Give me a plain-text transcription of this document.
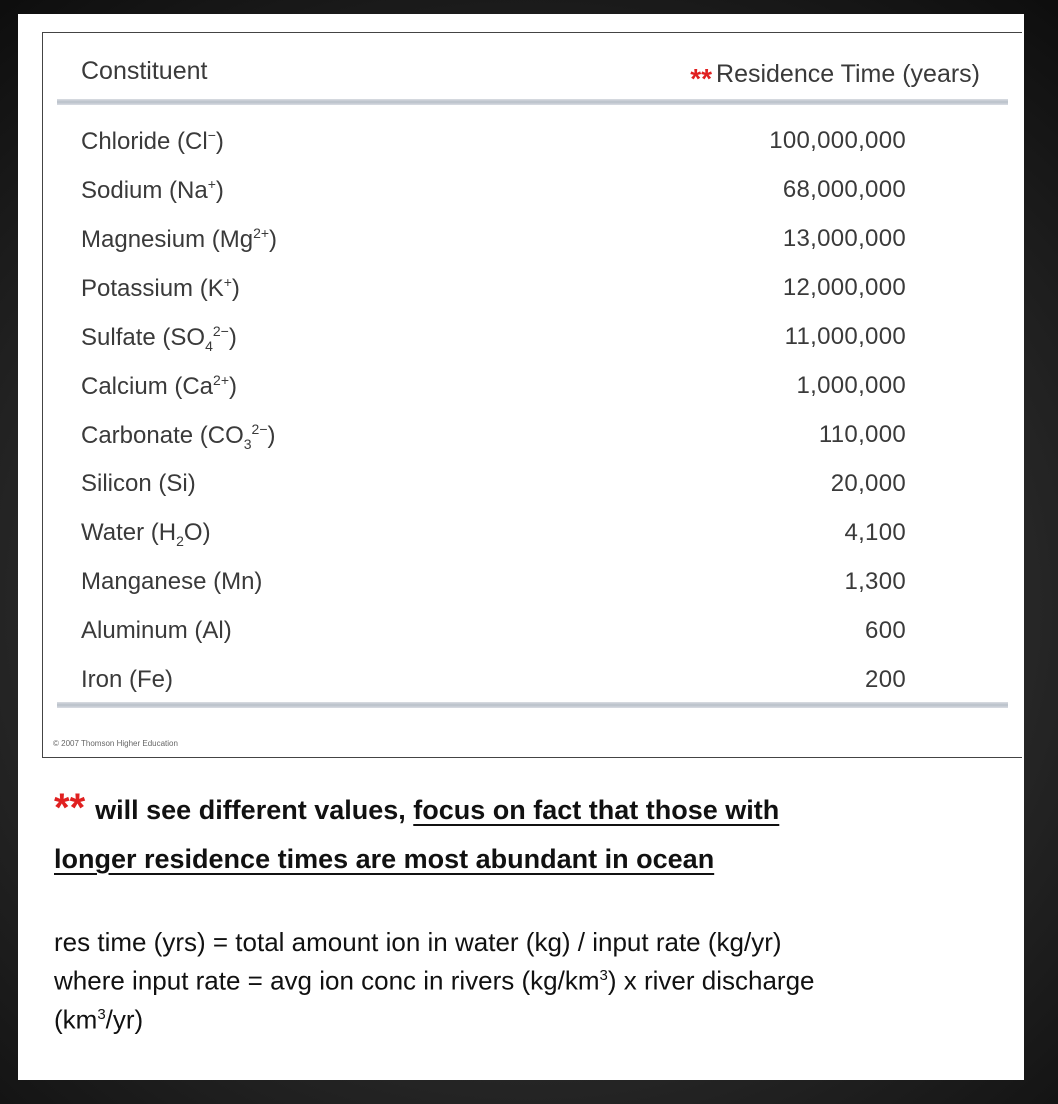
Constituent	** Residence Time (years)
Chloride (Cl−)	100,000,000
Sodium (Na+)	68,000,000
Magnesium $(Mg^{2+})$	13,000,000
Potassium (K+)	12,000,000
Sulfate $(SO_4^{2-})$	11,000,000
Calcium $(Ca^{2+})$	1,000,000
Carbonate $(CO_3^{2-})$	110,000
Silicon (Si)	20,000
Water $(H_2O)$	4,100
Manganese (Mn)	1,300
Aluminum (Al)	600
Iron (Fe)	200
© 2007 Thomson Higher Education

** will see different values, focus on fact that those with

longer residence times are most abundant in ocean

res time (yrs) = total amount ion in water (kg) / input rate (kg/yr)

where input rate = avg ion conc in rivers $(kg/km^3)$ x river discharge

$(km^3/yr)$
